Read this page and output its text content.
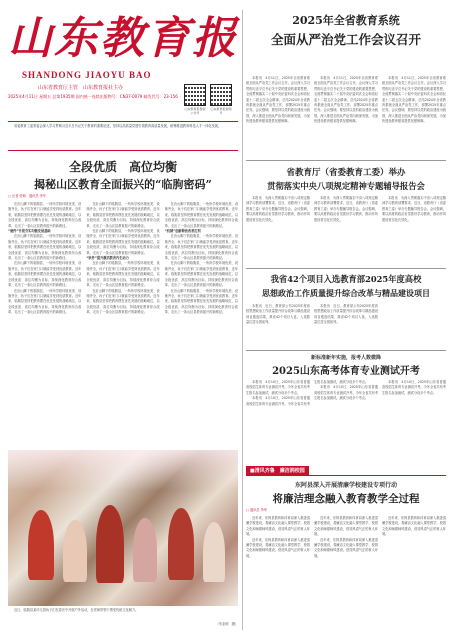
山东教育报
SHANDONG JIAOYU BAO
山东省教育厅主管　山东教育报社主办
2025年4月11日 星期五 总第1935期 国内统一连续出版物号：CN37-0079 邮发代号：23-156
山东教育报微信公众号
山东教育报视频号
2025年全省教育系统
全面从严治党工作会议召开

本报讯　4月11日，2025年全省教育系统全面从严治党工作会议召开。会议深入学习贯彻习近平总书记关于党的建设的重要思想，全面贯彻落实二十届中央纪委四次全会和省纪委十二届五次全会精神，总结2024年全省教育系统全面从严治党工作，部署2025年重点任务。会议强调，要坚持以党的政治建设为统领，深入推进全面从严治党向纵深发展，为加快建设教育强省提供坚强保障。

本报讯　4月11日，2025年全省教育系统全面从严治党工作会议召开。会议深入学习贯彻习近平总书记关于党的建设的重要思想，全面贯彻落实二十届中央纪委四次全会和省纪委十二届五次全会精神，总结2024年全省教育系统全面从严治党工作，部署2025年重点任务。会议强调，要坚持以党的政治建设为统领，深入推进全面从严治党向纵深发展，为加快建设教育强省提供坚强保障。

本报讯　4月11日，2025年全省教育系统全面从严治党工作会议召开。会议深入学习贯彻习近平总书记关于党的建设的重要思想，全面贯彻落实二十届中央纪委四次全会和省纪委十二届五次全会精神，总结2024年全省教育系统全面从严治党工作，部署2025年重点任务。会议强调，要坚持以党的政治建设为统领，深入推进全面从严治党向纵深发展，为加快建设教育强省提供坚强保障。

省委教育工委常委会深入学习贯彻习近平总书记关于教育的重要论述，坚持以高质量党建引领教育高质量发展，统筹推进教育科技人才一体化发展。

全段优质　高位均衡
揭秘山区教育全面振兴的“临朐密码”
□ 记者 张萌　通讯员 李华

在沂山脚下的临朐县，一所所学校环境优美、设施齐全，孩子们在家门口就能享受到优质教育。近年来，临朐县坚持把教育摆在优先发展的战略地位，以全段优质、高位均衡为目标，持续深化教育综合改革，走出了一条山区县教育振兴的新路径。

“硬件”升级夯实均衡发展基础

在沂山脚下的临朐县，一所所学校环境优美、设施齐全，孩子们在家门口就能享受到优质教育。近年来，临朐县坚持把教育摆在优先发展的战略地位，以全段优质、高位均衡为目标，持续深化教育综合改革，走出了一条山区县教育振兴的新路径。

在沂山脚下的临朐县，一所所学校环境优美、设施齐全，孩子们在家门口就能享受到优质教育。近年来，临朐县坚持把教育摆在优先发展的战略地位，以全段优质、高位均衡为目标，持续深化教育综合改革，走出了一条山区县教育振兴的新路径。

在沂山脚下的临朐县，一所所学校环境优美、设施齐全，孩子们在家门口就能享受到优质教育。近年来，临朐县坚持把教育摆在优先发展的战略地位，以全段优质、高位均衡为目标，持续深化教育综合改革，走出了一条山区县教育振兴的新路径。

在沂山脚下的临朐县，一所所学校环境优美、设施齐全，孩子们在家门口就能享受到优质教育。近年来，临朐县坚持把教育摆在优先发展的战略地位，以全段优质、高位均衡为目标，持续深化教育综合改革，走出了一条山区县教育振兴的新路径。

在沂山脚下的临朐县，一所所学校环境优美、设施齐全，孩子们在家门口就能享受到优质教育。近年来，临朐县坚持把教育摆在优先发展的战略地位，以全段优质、高位均衡为目标，持续深化教育综合改革，走出了一条山区县教育振兴的新路径。

“软件”提升激活教育内生动力

在沂山脚下的临朐县，一所所学校环境优美、设施齐全，孩子们在家门口就能享受到优质教育。近年来，临朐县坚持把教育摆在优先发展的战略地位，以全段优质、高位均衡为目标，持续深化教育综合改革，走出了一条山区县教育振兴的新路径。

在沂山脚下的临朐县，一所所学校环境优美、设施齐全，孩子们在家门口就能享受到优质教育。近年来，临朐县坚持把教育摆在优先发展的战略地位，以全段优质、高位均衡为目标，持续深化教育综合改革，走出了一条山区县教育振兴的新路径。

在沂山脚下的临朐县，一所所学校环境优美、设施齐全，孩子们在家门口就能享受到优质教育。近年来，临朐县坚持把教育摆在优先发展的战略地位，以全段优质、高位均衡为目标，持续深化教育综合改革，走出了一条山区县教育振兴的新路径。

“机制”创新释放改革红利

在沂山脚下的临朐县，一所所学校环境优美、设施齐全，孩子们在家门口就能享受到优质教育。近年来，临朐县坚持把教育摆在优先发展的战略地位，以全段优质、高位均衡为目标，持续深化教育综合改革，走出了一条山区县教育振兴的新路径。

在沂山脚下的临朐县，一所所学校环境优美、设施齐全，孩子们在家门口就能享受到优质教育。近年来，临朐县坚持把教育摆在优先发展的战略地位，以全段优质、高位均衡为目标，持续深化教育综合改革，走出了一条山区县教育振兴的新路径。

在沂山脚下的临朐县，一所所学校环境优美、设施齐全，孩子们在家门口就能享受到优质教育。近年来，临朐县坚持把教育摆在优先发展的战略地位，以全段优质、高位均衡为目标，持续深化教育综合改革，走出了一条山区县教育振兴的新路径。

近日，临朐县某幼儿园孩子们在春光中开展户外活动，在老师带领下感受传统文化魅力。

（朱亚明　摄）
省教育厅（省委教育工委）举办
贯彻落实中央八项规定精神专题辅导报告会

本报讯　为深入贯彻落实中央八项规定精神学习教育部署要求，近日，省教育厅（省委教育工委）举办专题辅导报告会。会议强调，要以高度的政治自觉抓好学习教育，推动作风建设常态化长效化。

本报讯　为深入贯彻落实中央八项规定精神学习教育部署要求，近日，省教育厅（省委教育工委）举办专题辅导报告会。会议强调，要以高度的政治自觉抓好学习教育，推动作风建设常态化长效化。

本报讯　为深入贯彻落实中央八项规定精神学习教育部署要求，近日，省教育厅（省委教育工委）举办专题辅导报告会。会议强调，要以高度的政治自觉抓好学习教育，推动作风建设常态化长效化。

我省42个项目入选教育部2025年度高校
思想政治工作质量提升综合改革与精品建设项目

本报讯　近日，教育部公布2025年度高校思想政治工作质量提升综合改革与精品建设项目遴选结果，我省42个项目入选，入选数量位居全国前列。

本报讯　近日，教育部公布2025年度高校思想政治工作质量提升综合改革与精品建设项目遴选结果，我省42个项目入选，入选数量位居全国前列。

新标准新年实施，报考人数微降
2025山东高考体育专业测试开考

本报讯　4月10日，2025年山东省普通高校招生体育专业测试开考。今年全省共有考生报名参加测试，测试分设多个考点。

本报讯　4月10日，2025年山东省普通高校招生体育专业测试开考。今年全省共有考生报名参加测试，测试分设多个考点。

本报讯　4月10日，2025年山东省普通高校招生体育专业测试开考。今年全省共有考生报名参加测试，测试分设多个考点。

本报讯　4月10日，2025年山东省普通高校招生体育专业测试开考。今年全省共有考生报名参加测试，测试分设多个考点。

■清风齐鲁　廉洁润校园
东阿县深入开展清廉学校建设专项行动
将廉洁理念融入教育教学全过程
□ 通讯员 李军

近年来，东阿县教育和体育局深入推进清廉学校建设，将廉洁文化融入课堂教学、校园文化和师德师风建设，营造风清气正的育人环境。

近年来，东阿县教育和体育局深入推进清廉学校建设，将廉洁文化融入课堂教学、校园文化和师德师风建设，营造风清气正的育人环境。

近年来，东阿县教育和体育局深入推进清廉学校建设，将廉洁文化融入课堂教学、校园文化和师德师风建设，营造风清气正的育人环境。

近年来，东阿县教育和体育局深入推进清廉学校建设，将廉洁文化融入课堂教学、校园文化和师德师风建设，营造风清气正的育人环境。

近年来，东阿县教育和体育局深入推进清廉学校建设，将廉洁文化融入课堂教学、校园文化和师德师风建设，营造风清气正的育人环境。
